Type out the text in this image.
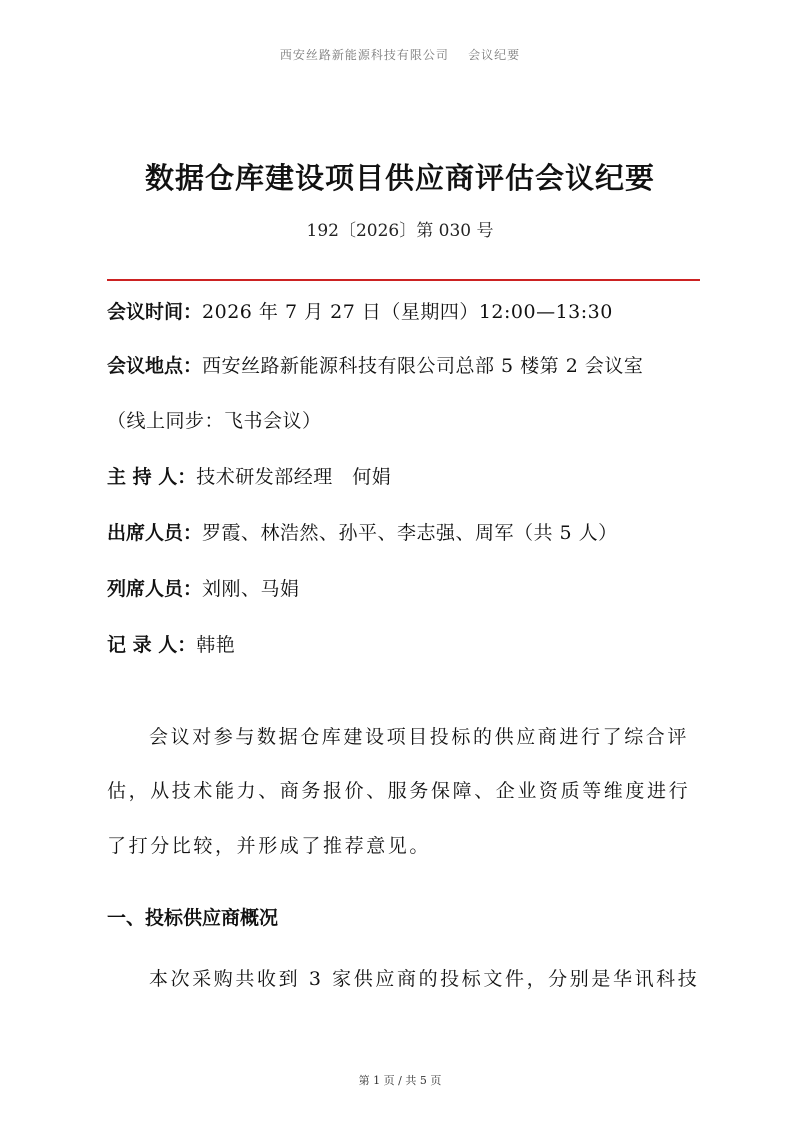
西安丝路新能源科技有限公司 会议纪要
数据仓库建设项目供应商评估会议纪要
192〔2026〕第 030 号
会议时间：2026 年 7 月 27 日（星期四）12:00—13:30
会议地点：西安丝路新能源科技有限公司总部 5 楼第 2 会议室
（线上同步：飞书会议）
主 持 人：技术研发部经理　何娟
出席人员：罗霞、林浩然、孙平、李志强、周军（共 5 人）
列席人员：刘刚、马娟
记 录 人：韩艳
会议对参与数据仓库建设项目投标的供应商进行了综合评
估，从技术能力、商务报价、服务保障、企业资质等维度进行
了打分比较，并形成了推荐意见。
一、投标供应商概况
本次采购共收到 3 家供应商的投标文件，分别是华讯科技
第 1 页 / 共 5 页
